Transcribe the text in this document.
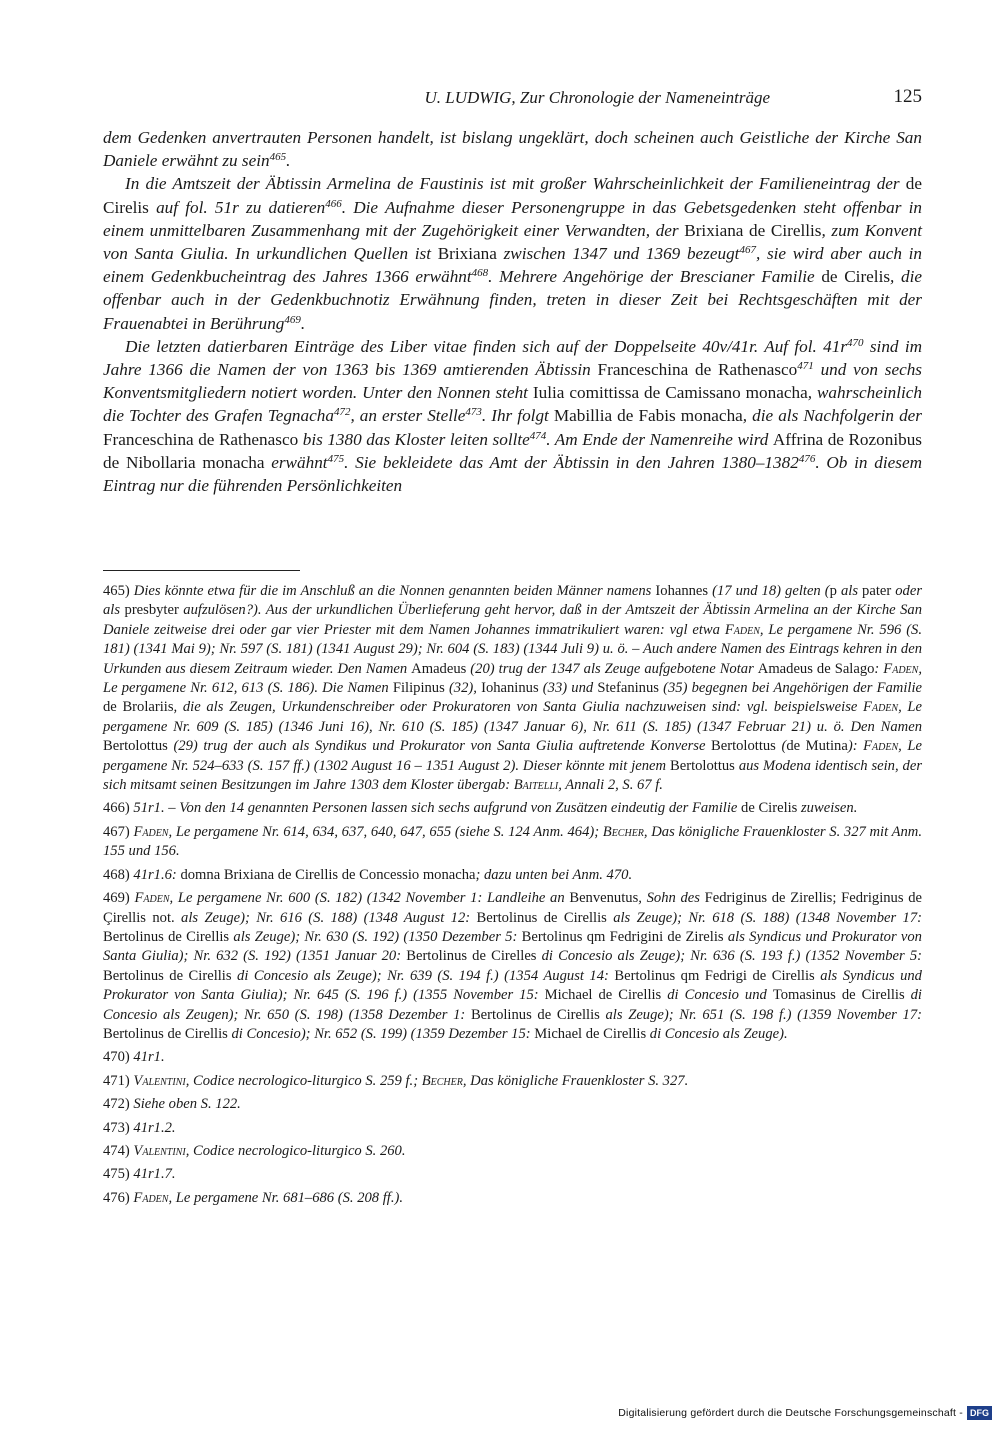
U. LUDWIG, Zur Chronologie der Nameneinträge	125

dem Gedenken anvertrauten Personen handelt, ist bislang ungeklärt, doch scheinen auch Geistliche der Kirche San Daniele erwähnt zu sein$^{465}$.

In die Amtszeit der Äbtissin Armelina de Faustinis ist mit großer Wahrscheinlichkeit der Familieneintrag der de Cirelis auf fol. 51r zu datieren$^{466}$. Die Aufnahme dieser Personengruppe in das Gebetsgedenken steht offenbar in einem unmittelbaren Zusammenhang mit der Zugehörigkeit einer Verwandten, der Brixiana de Cirellis, zum Konvent von Santa Giulia. In urkundlichen Quellen ist Brixiana zwischen 1347 und 1369 bezeugt$^{467}$, sie wird aber auch in einem Gedenkbucheintrag des Jahres 1366 erwähnt$^{468}$. Mehrere Angehörige der Brescianer Familie de Cirelis, die offenbar auch in der Gedenkbuchnotiz Erwähnung finden, treten in dieser Zeit bei Rechtsgeschäften mit der Frauenabtei in Berührung$^{469}$.

Die letzten datierbaren Einträge des Liber vitae finden sich auf der Doppelseite 40v/41r. Auf fol. $41r^{470}$ sind im Jahre 1366 die Namen der von 1363 bis 1369 amtierenden Äbtissin Franceschina de Rathenasco$^{471}$ und von sechs Konventsmitgliedern notiert worden. Unter den Nonnen steht Iulia comittissa de Camissano monacha, wahrscheinlich die Tochter des Grafen Tegnacha$^{472}$, an erster Stelle$^{473}$. Ihr folgt Mabillia de Fabis monacha, die als Nachfolgerin der Franceschina de Rathenasco bis 1380 das Kloster leiten sollte$^{474}$. Am Ende der Namenreihe wird Affrina de Rozonibus de Nibollaria monacha erwähnt$^{475}$. Sie bekleidete das Amt der Äbtissin in den Jahren 1380–1382$^{476}$. Ob in diesem Eintrag nur die führenden Persönlichkeiten

465) Dies könnte etwa für die im Anschluß an die Nonnen genannten beiden Männer namens Iohannes (17 und 18) gelten (p als pater oder als presbyter aufzulösen?). Aus der urkundlichen Überlieferung geht hervor, daß in der Amtszeit der Äbtissin Armelina an der Kirche San Daniele zeitweise drei oder gar vier Priester mit dem Namen Johannes immatrikuliert waren: vgl etwa Faden, Le pergamene Nr. 596 (S. 181) (1341 Mai 9); Nr. 597 (S. 181) (1341 August 29); Nr. 604 (S. 183) (1344 Juli 9) u. ö. – Auch andere Namen des Eintrags kehren in den Urkunden aus diesem Zeitraum wieder. Den Namen Amadeus (20) trug der 1347 als Zeuge aufgebotene Notar Amadeus de Salago: Faden, Le pergamene Nr. 612, 613 (S. 186). Die Namen Filipinus (32), Iohaninus (33) und Stefaninus (35) begegnen bei Angehörigen der Familie de Brolariis, die als Zeugen, Urkundenschreiber oder Prokuratoren von Santa Giulia nachzuweisen sind: vgl. beispielsweise Faden, Le pergamene Nr. 609 (S. 185) (1346 Juni 16), Nr. 610 (S. 185) (1347 Januar 6), Nr. 611 (S. 185) (1347 Februar 21) u. ö. Den Namen Bertolottus (29) trug der auch als Syndikus und Prokurator von Santa Giulia auftretende Konverse Bertolottus (de Mutina): Faden, Le pergamene Nr. 524–633 (S. 157 ff.) (1302 August 16 – 1351 August 2). Dieser könnte mit jenem Bertolottus aus Modena identisch sein, der sich mitsamt seinen Besitzungen im Jahre 1303 dem Kloster übergab: Baitelli, Annali 2, S. 67 f.

466) 51r1. – Von den 14 genannten Personen lassen sich sechs aufgrund von Zusätzen eindeutig der Familie de Cirelis zuweisen.

467) Faden, Le pergamene Nr. 614, 634, 637, 640, 647, 655 (siehe S. 124 Anm. 464); Becher, Das königliche Frauenkloster S. 327 mit Anm. 155 und 156.

468) 41r1.6: domna Brixiana de Cirellis de Concessio monacha; dazu unten bei Anm. 470.

469) Faden, Le pergamene Nr. 600 (S. 182) (1342 November 1: Landleihe an Benvenutus, Sohn des Fedriginus de Zirellis; Fedriginus de Çirellis not. als Zeuge); Nr. 616 (S. 188) (1348 August 12: Bertolinus de Cirellis als Zeuge); Nr. 618 (S. 188) (1348 November 17: Bertolinus de Cirellis als Zeuge); Nr. 630 (S. 192) (1350 Dezember 5: Bertolinus qm Fedrigini de Zirelis als Syndicus und Prokurator von Santa Giulia); Nr. 632 (S. 192) (1351 Januar 20: Bertolinus de Cirelles di Concesio als Zeuge); Nr. 636 (S. 193 f.) (1352 November 5: Bertolinus de Cirellis di Concesio als Zeuge); Nr. 639 (S. 194 f.) (1354 August 14: Bertolinus qm Fedrigi de Cirellis als Syndicus und Prokurator von Santa Giulia); Nr. 645 (S. 196 f.) (1355 November 15: Michael de Cirellis di Concesio und Tomasinus de Cirellis di Concesio als Zeugen); Nr. 650 (S. 198) (1358 Dezember 1: Bertolinus de Cirellis als Zeuge); Nr. 651 (S. 198 f.) (1359 November 17: Bertolinus de Cirellis di Concesio); Nr. 652 (S. 199) (1359 Dezember 15: Michael de Cirellis di Concesio als Zeuge).

470) 41r1.

471) Valentini, Codice necrologico-liturgico S. 259 f.; Becher, Das königliche Frauenkloster S. 327.

472) Siehe oben S. 122.

473) 41r1.2.

474) Valentini, Codice necrologico-liturgico S. 260.

475) 41r1.7.

476) Faden, Le pergamene Nr. 681–686 (S. 208 ff.).

Digitalisierung gefördert durch die Deutsche Forschungsgemeinschaft - DFG
